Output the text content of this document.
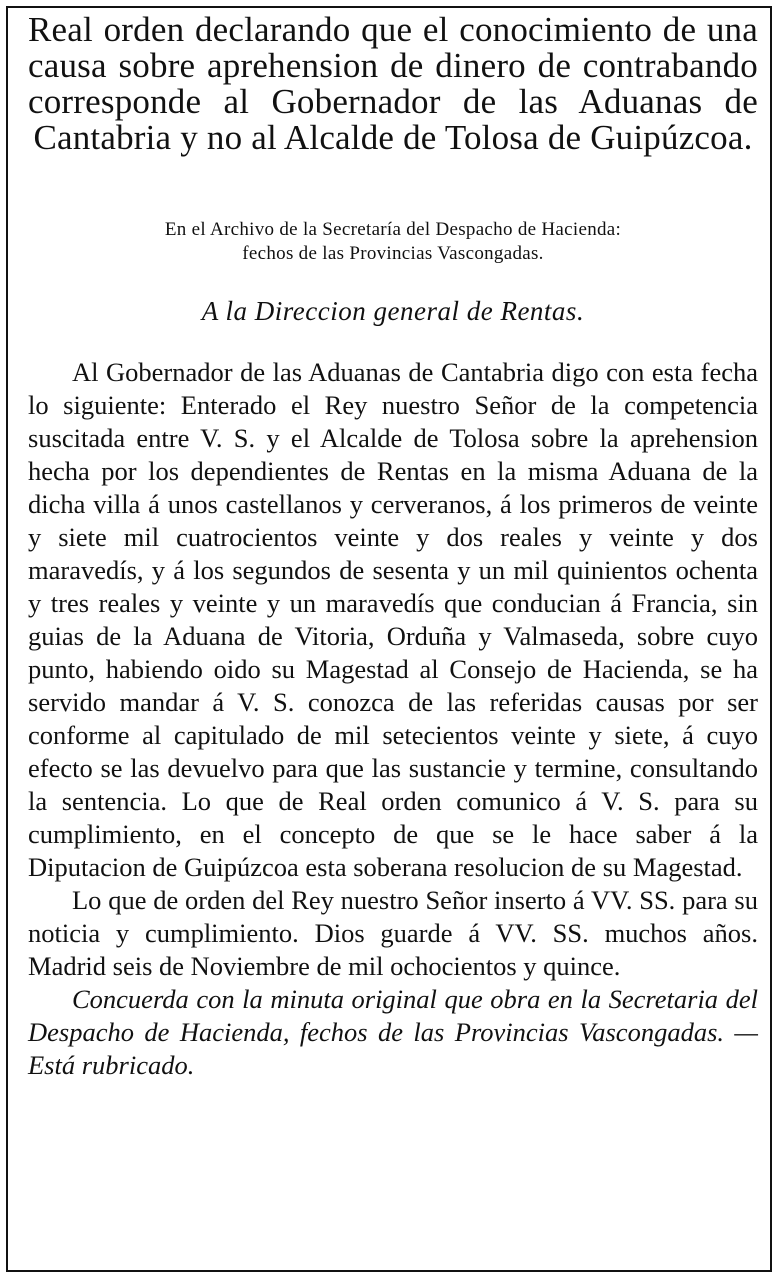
Real orden declarando que el conocimiento de una causa sobre aprehension de dinero de contrabando corresponde al Gobernador de las Aduanas de Cantabria y no al Alcalde de Tolosa de Guipúzcoa.
En el Archivo de la Secretaría del Despacho de Hacienda:
fechos de las Provincias Vascongadas.

A la Direccion general de Rentas.

Al Gobernador de las Aduanas de Cantabria digo con esta fecha lo siguiente: Enterado el Rey nuestro Señor de la competencia suscitada entre V. S. y el Alcalde de Tolosa sobre la aprehension hecha por los dependientes de Rentas en la misma Aduana de la dicha villa á unos castellanos y cerveranos, á los primeros de veinte y siete mil cuatrocientos veinte y dos reales y veinte y dos maravedís, y á los segundos de sesenta y un mil quinientos ochenta y tres reales y veinte y un maravedís que conducian á Francia, sin guias de la Aduana de Vitoria, Orduña y Valmaseda, sobre cuyo punto, habiendo oido su Magestad al Consejo de Hacienda, se ha servido mandar á V. S. conozca de las referidas causas por ser conforme al capitulado de mil setecientos veinte y siete, á cuyo efecto se las devuelvo para que las sustancie y termine, consultando la sentencia. Lo que de Real orden comunico á V. S. para su cumplimiento, en el concepto de que se le hace saber á la Diputacion de Guipúzcoa esta soberana resolucion de su Magestad.

Lo que de orden del Rey nuestro Señor inserto á VV. SS. para su noticia y cumplimiento. Dios guarde á VV. SS. muchos años. Madrid seis de Noviembre de mil ochocientos y quince.

Concuerda con la minuta original que obra en la Secretaria del Despacho de Hacienda, fechos de las Provincias Vascongadas. — Está rubricado.
